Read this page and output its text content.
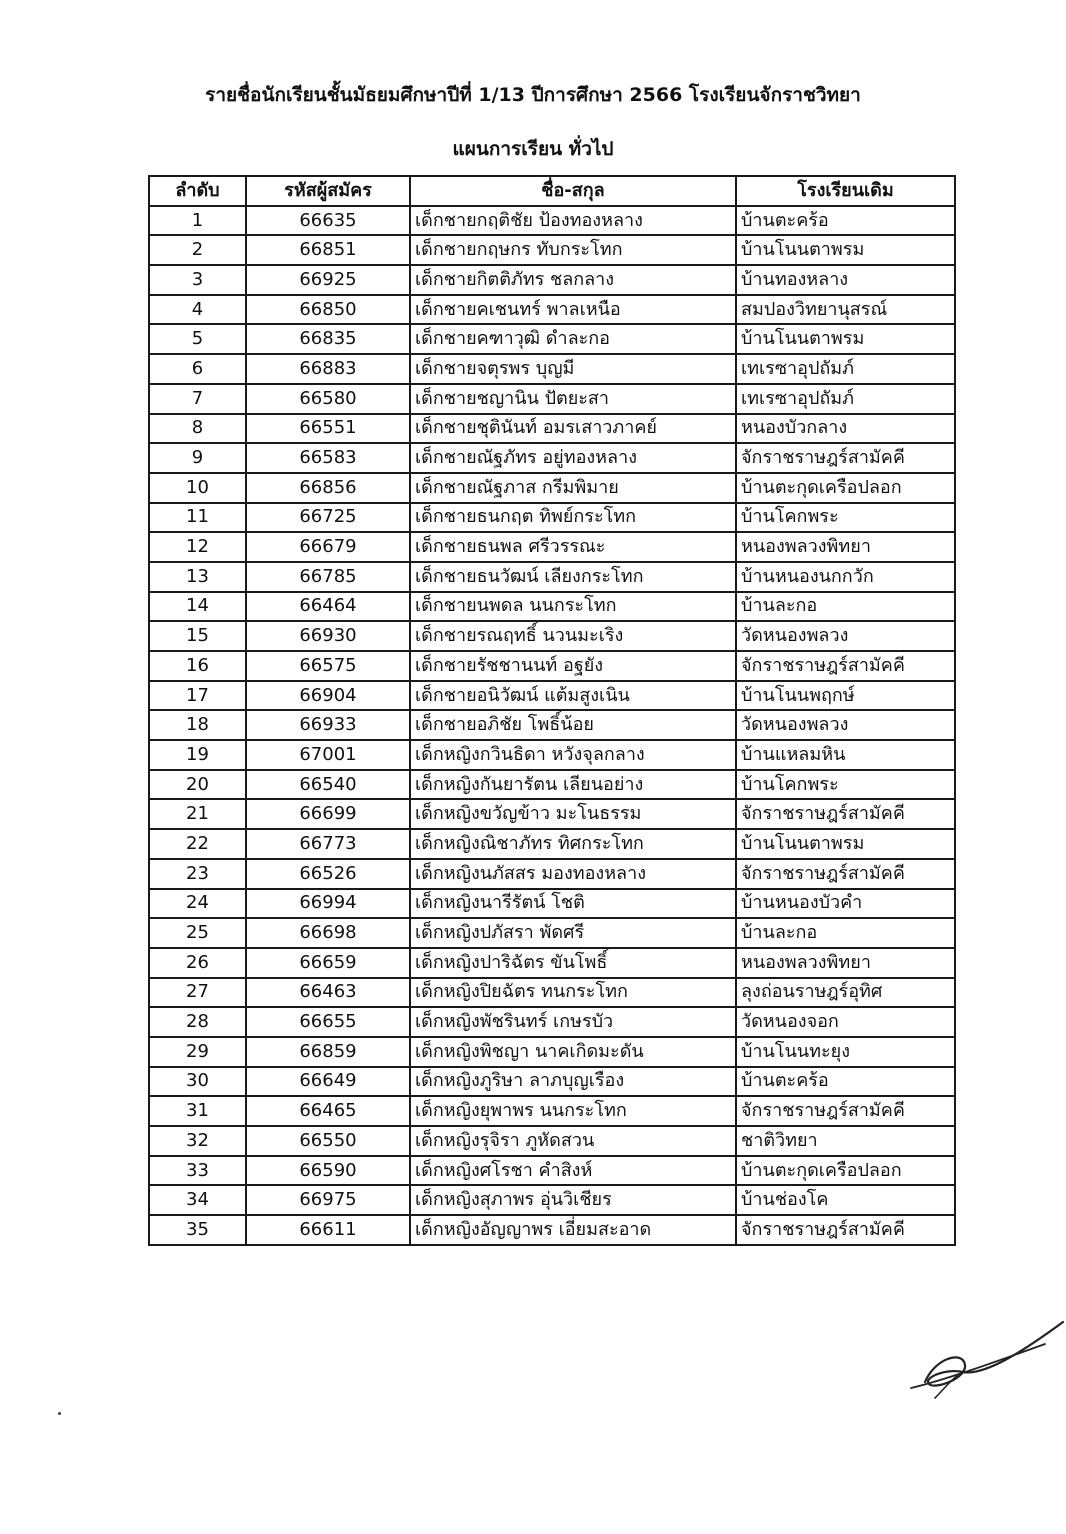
รายชื่อนักเรียนชั้นมัธยมศึกษาปีที่ 1/13 ปีการศึกษา 2566 โรงเรียนจักราชวิทยา
แผนการเรียน ทั่วไป
ลำดับ	รหัสผู้สมัคร	ชื่อ-สกุล	โรงเรียนเดิม
1	66635	เด็กชายกฤติชัย ป้องทองหลาง	บ้านตะคร้อ
2	66851	เด็กชายกฤษกร ทับกระโทก	บ้านโนนตาพรม
3	66925	เด็กชายกิตติภัทร ชลกลาง	บ้านทองหลาง
4	66850	เด็กชายคเชนทร์ พาลเหนือ	สมปองวิทยานุสรณ์
5	66835	เด็กชายคฑาวุฒิ ดำละกอ	บ้านโนนตาพรม
6	66883	เด็กชายจตุรพร บุญมี	เทเรซาอุปถัมภ์
7	66580	เด็กชายชญานิน ปัตยะสา	เทเรซาอุปถัมภ์
8	66551	เด็กชายชุตินันท์ อมรเสาวภาคย์	หนองบัวกลาง
9	66583	เด็กชายณัฐภัทร อยู่ทองหลาง	จักราชราษฎร์สามัคคี
10	66856	เด็กชายณัฐภาส กรีมพิมาย	บ้านตะกุดเครือปลอก
11	66725	เด็กชายธนกฤต ทิพย์กระโทก	บ้านโคกพระ
12	66679	เด็กชายธนพล ศรีวรรณะ	หนองพลวงพิทยา
13	66785	เด็กชายธนวัฒน์ เลียงกระโทก	บ้านหนองนกกวัก
14	66464	เด็กชายนพดล นนกระโทก	บ้านละกอ
15	66930	เด็กชายรณฤทธิ์ นวนมะเริง	วัดหนองพลวง
16	66575	เด็กชายรัชชานนท์ อฐยัง	จักราชราษฎร์สามัคคี
17	66904	เด็กชายอนิวัฒน์ แต้มสูงเนิน	บ้านโนนพฤกษ์
18	66933	เด็กชายอภิชัย โพธิ์น้อย	วัดหนองพลวง
19	67001	เด็กหญิงกวินธิดา หวังจุลกลาง	บ้านแหลมหิน
20	66540	เด็กหญิงกันยารัตน เลียนอย่าง	บ้านโคกพระ
21	66699	เด็กหญิงขวัญข้าว มะโนธรรม	จักราชราษฎร์สามัคคี
22	66773	เด็กหญิงณิชาภัทร ทิศกระโทก	บ้านโนนตาพรม
23	66526	เด็กหญิงนภัสสร มองทองหลาง	จักราชราษฎร์สามัคคี
24	66994	เด็กหญิงนารีรัตน์ โชติ	บ้านหนองบัวคำ
25	66698	เด็กหญิงปภัสรา พัดศรี	บ้านละกอ
26	66659	เด็กหญิงปาริฉัตร ขันโพธิ์	หนองพลวงพิทยา
27	66463	เด็กหญิงปิยฉัตร ทนกระโทก	ลุงถ่อนราษฎร์อุทิศ
28	66655	เด็กหญิงพัชรินทร์ เกษรบัว	วัดหนองจอก
29	66859	เด็กหญิงพิชญา นาคเกิดมะดัน	บ้านโนนทะยุง
30	66649	เด็กหญิงภูริษา ลาภบุญเรือง	บ้านตะคร้อ
31	66465	เด็กหญิงยุพาพร นนกระโทก	จักราชราษฎร์สามัคคี
32	66550	เด็กหญิงรุจิรา ภูหัดสวน	ชาติวิทยา
33	66590	เด็กหญิงศโรชา คำสิงห์	บ้านตะกุดเครือปลอก
34	66975	เด็กหญิงสุภาพร อุ่นวิเชียร	บ้านช่องโค
35	66611	เด็กหญิงอัญญาพร เอี่ยมสะอาด	จักราชราษฎร์สามัคคี
